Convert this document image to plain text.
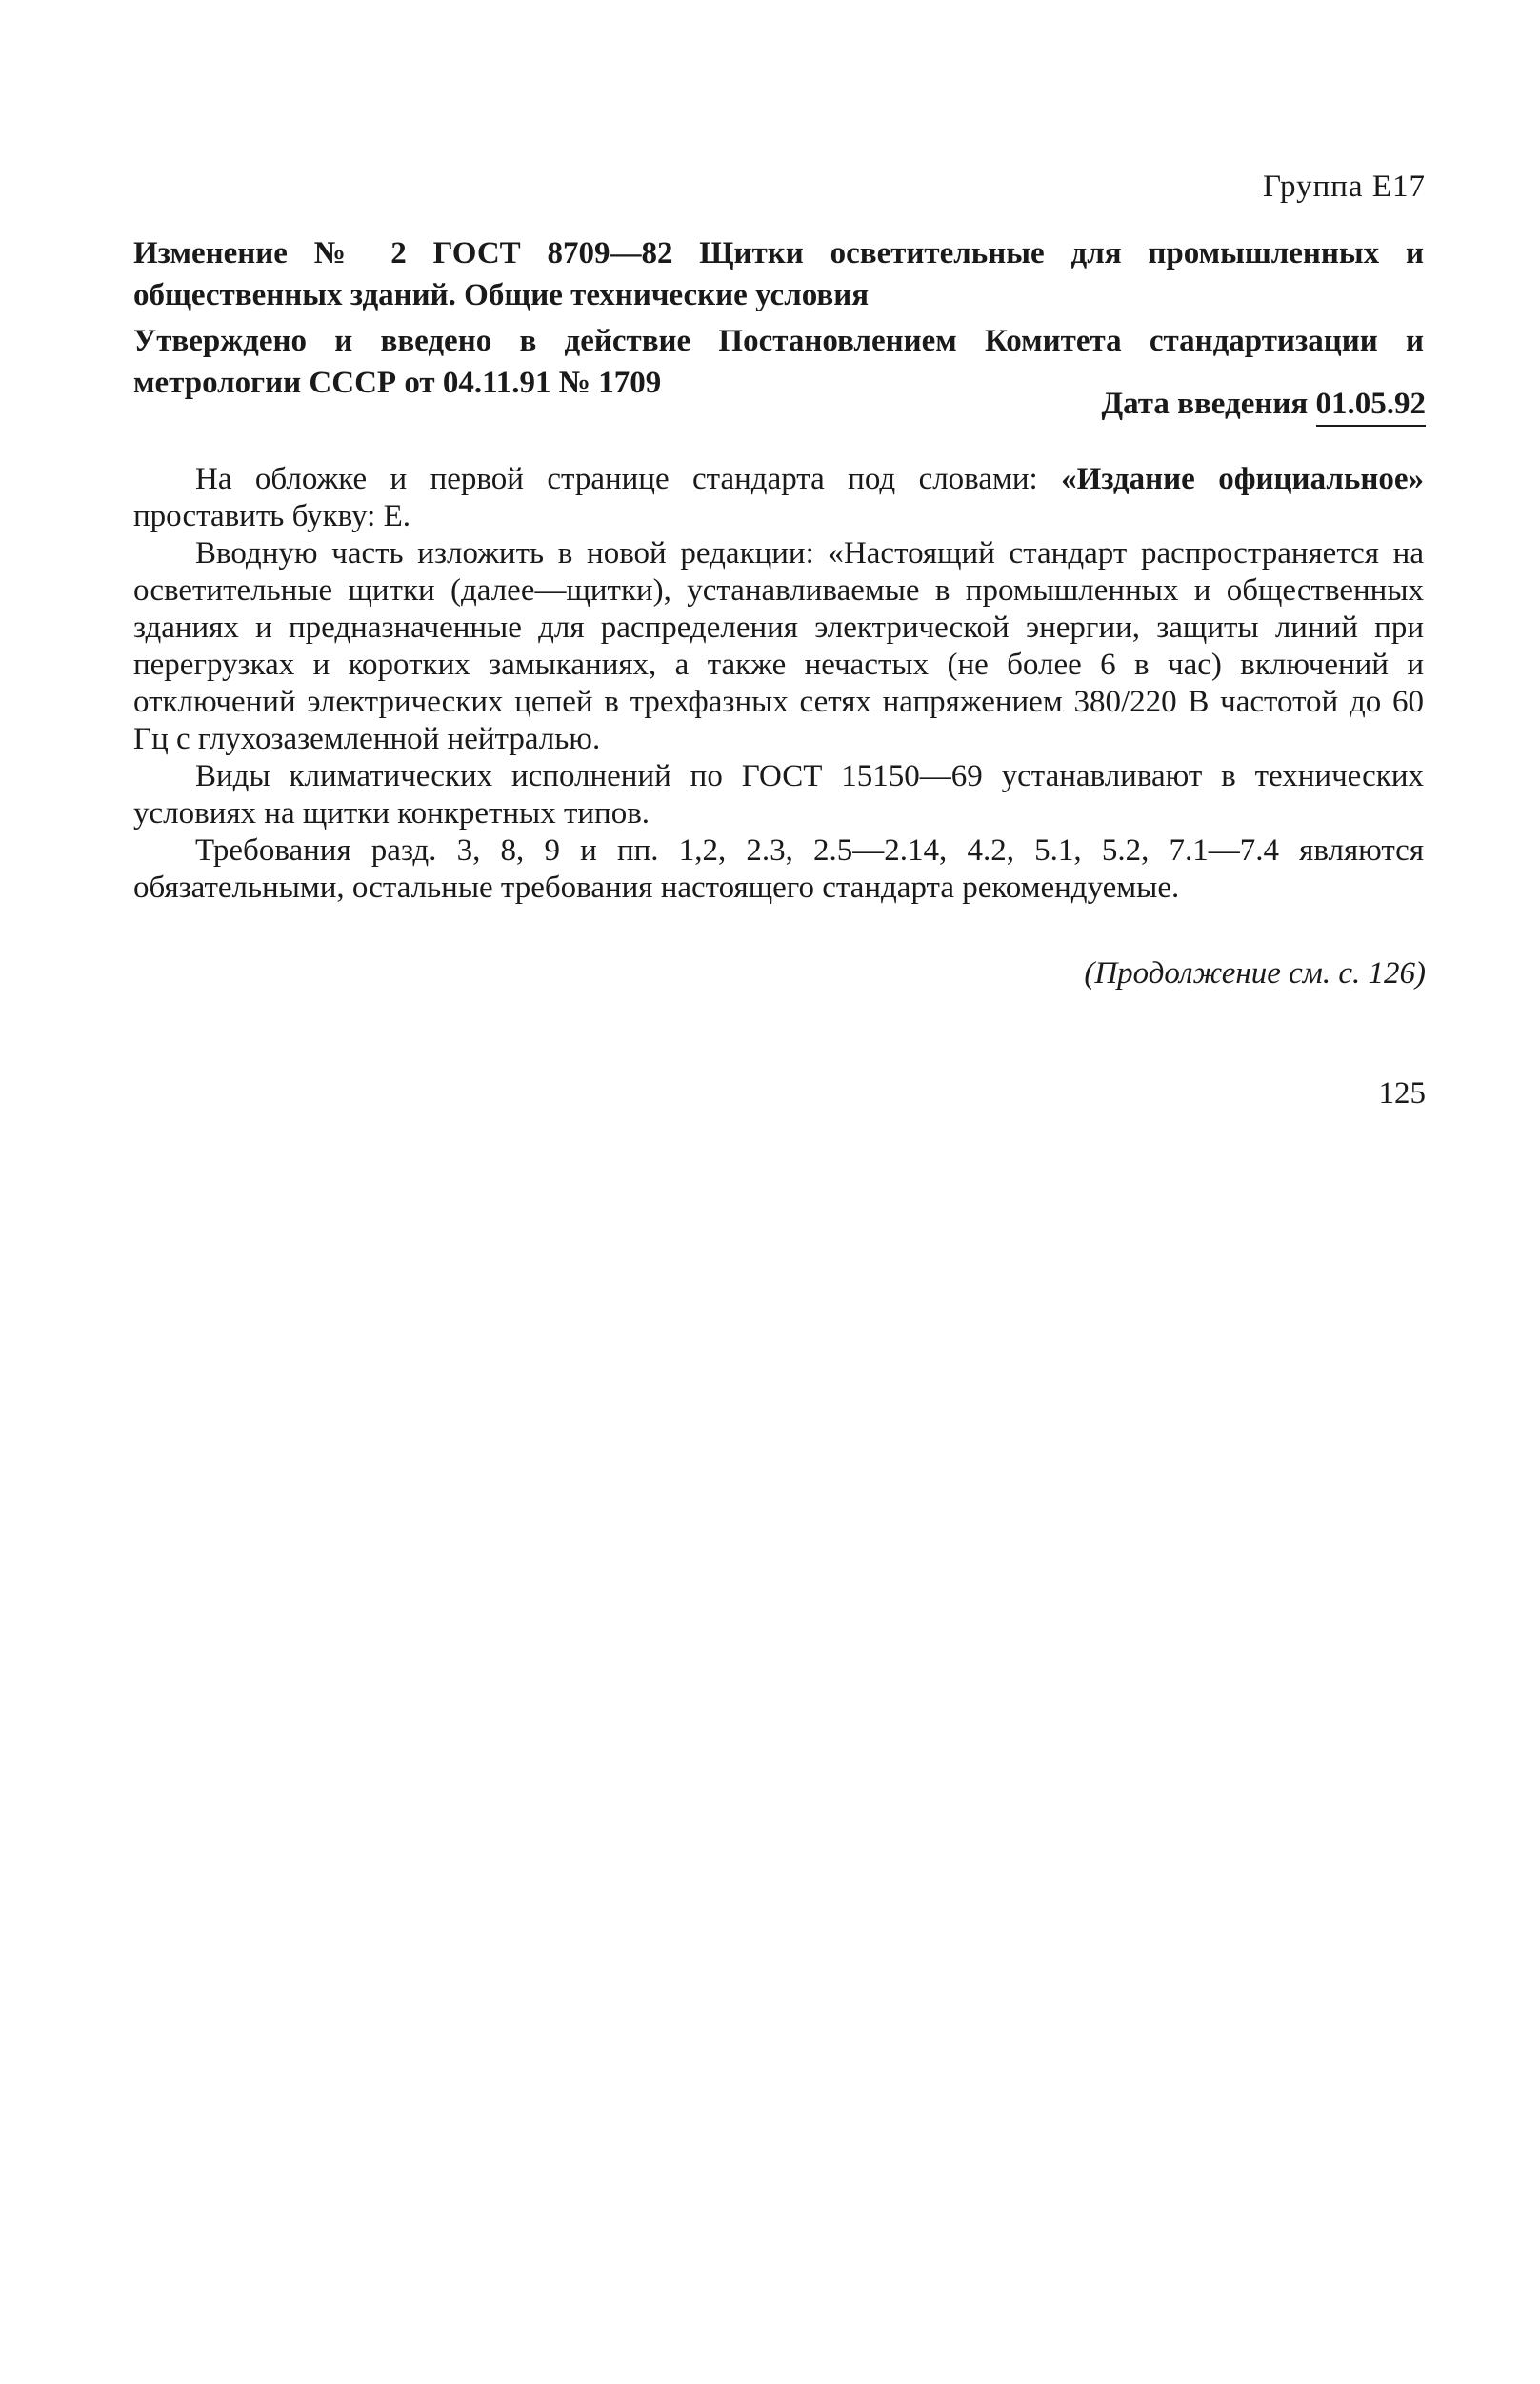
Группа Е17
Изменение № 2 ГОСТ 8709—82 Щитки осветительные для промышленных и общественных зданий. Общие технические условия
Утверждено и введено в действие Постановлением Комитета стандартизации и метрологии СССР от 04.11.91 № 1709
Дата введения 01.05.92

На обложке и первой странице стандарта под словами: «Издание официальное» проставить букву: Е.

Вводную часть изложить в новой редакции: «Настоящий стандарт распространяется на осветительные щитки (далее—щитки), устанавливаемые в промышленных и общественных зданиях и предназначенные для распределения электрической энергии, защиты линий при перегрузках и коротких замыканиях, а также нечастых (не более 6 в час) включений и отключений электрических цепей в трехфазных сетях напряжением 380/220 В частотой до 60 Гц с глухозаземленной нейтралью.

Виды климатических исполнений по ГОСТ 15150—69 устанавливают в технических условиях на щитки конкретных типов.

Требования разд. 3, 8, 9 и пп. 1,2, 2.3, 2.5—2.14, 4.2, 5.1, 5.2, 7.1—7.4 являются обязательными, остальные требования настоящего стандарта рекомендуемые.

(Продолжение см. с. 126)
125
